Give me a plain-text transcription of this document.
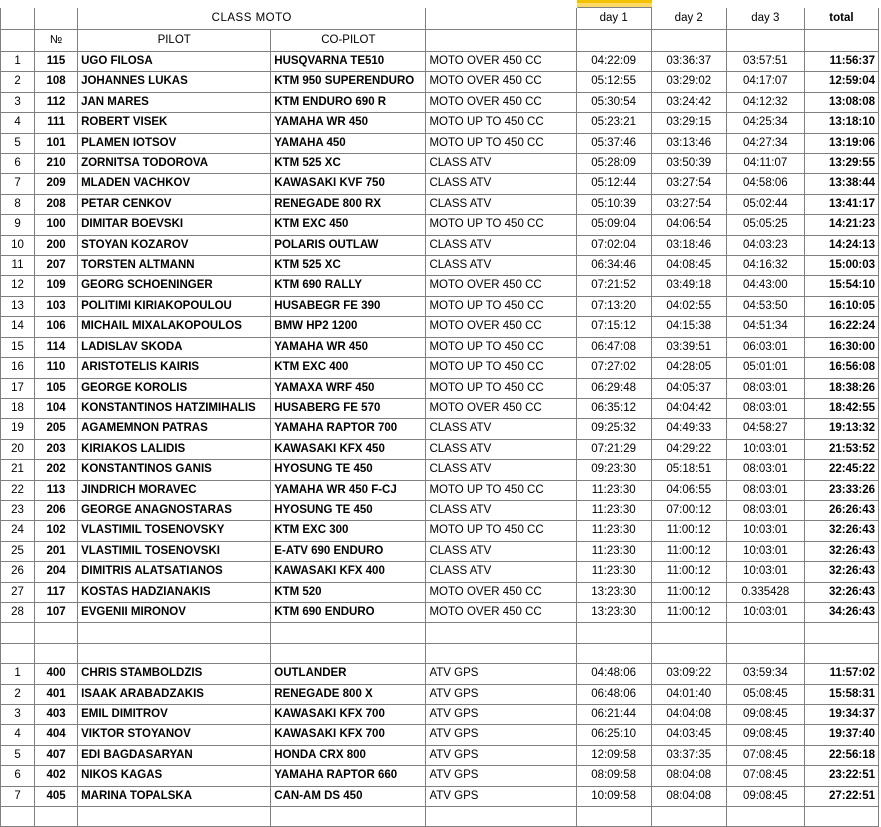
		CLASS MOTO			day 1	day 2	day 3	total
	№	PILOT	CO-PILOT					
1	115	UGO FILOSA	HUSQVARNA TE510	MOTO OVER 450 CC	04:22:09	03:36:37	03:57:51	11:56:37
2	108	JOHANNES LUKAS	KTM 950 SUPERENDURO	MOTO OVER 450 CC	05:12:55	03:29:02	04:17:07	12:59:04
3	112	JAN MARES	KTM ENDURO 690 R	MOTO OVER 450 CC	05:30:54	03:24:42	04:12:32	13:08:08
4	111	ROBERT VISEK	YAMAHA WR 450	MOTO UP TO 450 CC	05:23:21	03:29:15	04:25:34	13:18:10
5	101	PLAMEN IOTSOV	YAMAHA 450	MOTO UP TO 450 CC	05:37:46	03:13:46	04:27:34	13:19:06
6	210	ZORNITSA TODOROVA	KTM 525 XC	CLASS ATV	05:28:09	03:50:39	04:11:07	13:29:55
7	209	MLADEN VACHKOV	KAWASAKI KVF 750	CLASS ATV	05:12:44	03:27:54	04:58:06	13:38:44
8	208	PETAR CENKOV	RENEGADE 800 RX	CLASS ATV	05:10:39	03:27:54	05:02:44	13:41:17
9	100	DIMITAR BOEVSKI	KTM EXC 450	MOTO UP TO 450 CC	05:09:04	04:06:54	05:05:25	14:21:23
10	200	STOYAN KOZAROV	POLARIS OUTLAW	CLASS ATV	07:02:04	03:18:46	04:03:23	14:24:13
11	207	TORSTEN ALTMANN	KTM 525 XC	CLASS ATV	06:34:46	04:08:45	04:16:32	15:00:03
12	109	GEORG SCHOENINGER	KTM 690 RALLY	MOTO OVER 450 CC	07:21:52	03:49:18	04:43:00	15:54:10
13	103	POLITIMI KIRIAKOPOULOU	HUSABEGR FE 390	MOTO UP TO 450 CC	07:13:20	04:02:55	04:53:50	16:10:05
14	106	MICHAIL MIXALAKOPOULOS	BMW HP2 1200	MOTO OVER 450 CC	07:15:12	04:15:38	04:51:34	16:22:24
15	114	LADISLAV SKODA	YAMAHA WR 450	MOTO UP TO 450 CC	06:47:08	03:39:51	06:03:01	16:30:00
16	110	ARISTOTELIS KAIRIS	KTM EXC 400	MOTO UP TO 450 CC	07:27:02	04:28:05	05:01:01	16:56:08
17	105	GEORGE KOROLIS	YAMAXA WRF 450	MOTO UP TO 450 CC	06:29:48	04:05:37	08:03:01	18:38:26
18	104	KONSTANTINOS HATZIMIHALIS	HUSABERG FE 570	MOTO OVER 450 CC	06:35:12	04:04:42	08:03:01	18:42:55
19	205	AGAMEMNON PATRAS	YAMAHA RAPTOR 700	CLASS ATV	09:25:32	04:49:33	04:58:27	19:13:32
20	203	KIRIAKOS LALIDIS	KAWASAKI KFX 450	CLASS ATV	07:21:29	04:29:22	10:03:01	21:53:52
21	202	KONSTANTINOS GANIS	HYOSUNG TE 450	CLASS ATV	09:23:30	05:18:51	08:03:01	22:45:22
22	113	JINDRICH MORAVEC	YAMAHA WR 450 F-CJ	MOTO UP TO 450 CC	11:23:30	04:06:55	08:03:01	23:33:26
23	206	GEORGE ANAGNOSTARAS	HYOSUNG TE 450	CLASS ATV	11:23:30	07:00:12	08:03:01	26:26:43
24	102	VLASTIMIL TOSENOVSKY	KTM EXC 300	MOTO UP TO 450 CC	11:23:30	11:00:12	10:03:01	32:26:43
25	201	VLASTIMIL TOSENOVSKI	E-ATV 690 ENDURO	CLASS ATV	11:23:30	11:00:12	10:03:01	32:26:43
26	204	DIMITRIS ALATSATIANOS	KAWASAKI KFX 400	CLASS ATV	11:23:30	11:00:12	10:03:01	32:26:43
27	117	KOSTAS HADZIANAKIS	KTM 520	MOTO OVER 450 CC	13:23:30	11:00:12	0.335428	32:26:43
28	107	EVGENII MIRONOV	KTM 690 ENDURO	MOTO OVER 450 CC	13:23:30	11:00:12	10:03:01	34:26:43

1	400	CHRIS STAMBOLDZIS	OUTLANDER	ATV GPS	04:48:06	03:09:22	03:59:34	11:57:02
2	401	ISAAK ARABADZAKIS	RENEGADE 800 X	ATV GPS	06:48:06	04:01:40	05:08:45	15:58:31
3	403	EMIL DIMITROV	KAWASAKI KFX 700	ATV GPS	06:21:44	04:04:08	09:08:45	19:34:37
4	404	VIKTOR STOYANOV	KAWASAKI KFX 700	ATV GPS	06:25:10	04:03:45	09:08:45	19:37:40
5	407	EDI BAGDASARYAN	HONDA CRX 800	ATV GPS	12:09:58	03:37:35	07:08:45	22:56:18
6	402	NIKOS KAGAS	YAMAHA RAPTOR 660	ATV GPS	08:09:58	08:04:08	07:08:45	23:22:51
7	405	MARINA TOPALSKA	CAN-AM DS 450	ATV GPS	10:09:58	08:04:08	09:08:45	27:22:51
